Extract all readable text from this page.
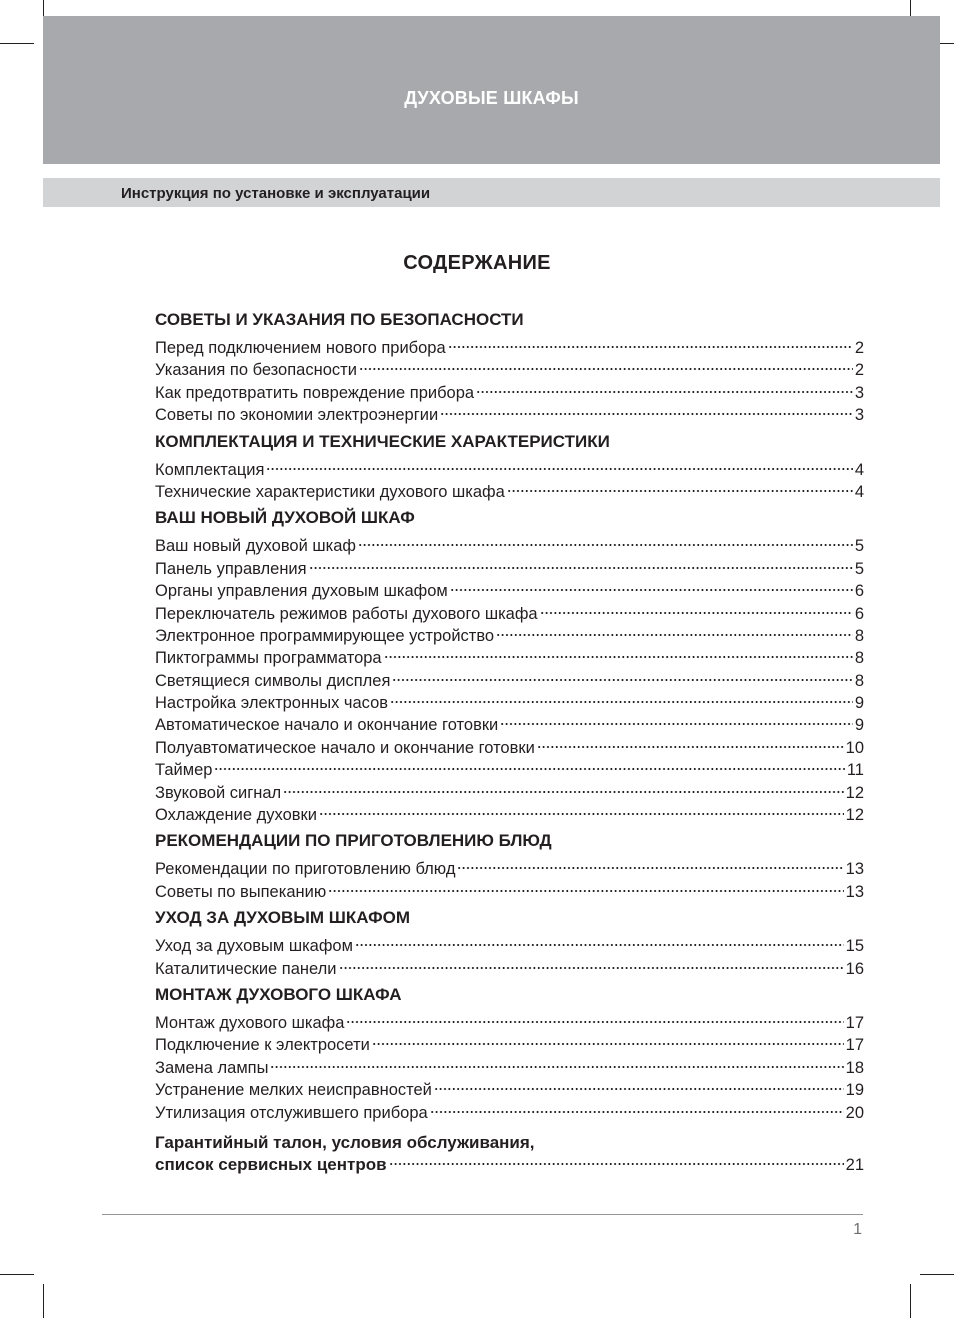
ДУХОВЫЕ ШКАФЫ
Инструкция по установке и эксплуатации
СОДЕРЖАНИЕ
СОВЕТЫ И УКАЗАНИЯ ПО БЕЗОПАСНОСТИ
Перед подключением нового прибора	2
Указания по безопасности	2
Как предотвратить повреждение прибора	3
Советы по экономии электроэнергии	3
КОМПЛЕКТАЦИЯ И ТЕХНИЧЕСКИЕ ХАРАКТЕРИСТИКИ
Комплектация	4
Технические характеристики духового шкафа	4
ВАШ НОВЫЙ ДУХОВОЙ ШКАФ
Ваш новый духовой шкаф	5
Панель управления	5
Органы управления духовым шкафом	6
Переключатель режимов работы духового шкафа	6
Электронное программирующее устройство	8
Пиктограммы программатора	8
Светящиеся символы дисплея	8
Настройка электронных часов	9
Автоматическое начало и окончание готовки	9
Полуавтоматическое начало и окончание готовки	10
Таймер	11
Звуковой сигнал	12
Охлаждение духовки	12
РЕКОМЕНДАЦИИ ПО ПРИГОТОВЛЕНИЮ БЛЮД
Рекомендации по приготовлению блюд	13
Советы по выпеканию	13
УХОД ЗА ДУХОВЫМ ШКАФОМ
Уход за духовым шкафом	15
Каталитические панели	16
МОНТАЖ ДУХОВОГО ШКАФА
Монтаж духового шкафа	17
Подключение к электросети	17
Замена лампы	18
Устранение мелких неисправностей	19
Утилизация отслужившего прибора	20
Гарантийный талон, условия обслуживания,
список сервисных центров	21
1
